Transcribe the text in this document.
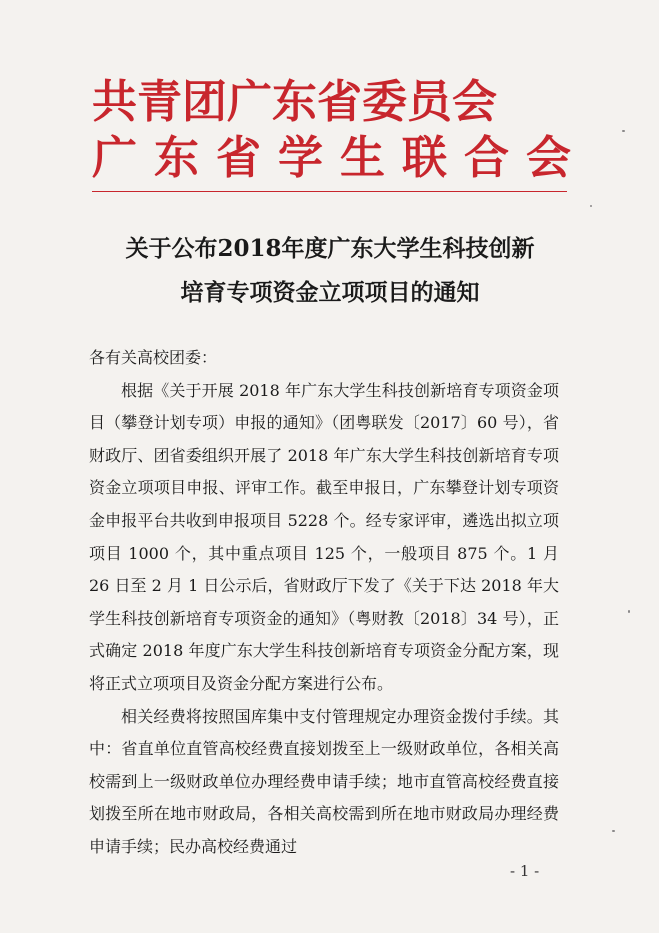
共青团广东省委员会
广东省学生联合会
关于公布2018年度广东大学生科技创新
培育专项资金立项项目的通知

各有关高校团委：

根据《关于开展 2018 年广东大学生科技创新培育专项资金项目（攀登计划专项）申报的通知》（团粤联发〔2017〕60 号），省财政厅、团省委组织开展了 2018 年广东大学生科技创新培育专项资金立项项目申报、评审工作。截至申报日，广东攀登计划专项资金申报平台共收到申报项目 5228 个。经专家评审，遴选出拟立项项目 1000 个，其中重点项目 125 个，一般项目 875 个。1 月 26 日至 2 月 1 日公示后，省财政厅下发了《关于下达 2018 年大学生科技创新培育专项资金的通知》（粤财教〔2018〕34 号），正式确定 2018 年度广东大学生科技创新培育专项资金分配方案，现将正式立项项目及资金分配方案进行公布。

相关经费将按照国库集中支付管理规定办理资金拨付手续。其中：省直单位直管高校经费直接划拨至上一级财政单位，各相关高校需到上一级财政单位办理经费申请手续；地市直管高校经费直接划拨至所在地市财政局，各相关高校需到所在地市财政局办理经费申请手续；民办高校经费通过

- 1 -
